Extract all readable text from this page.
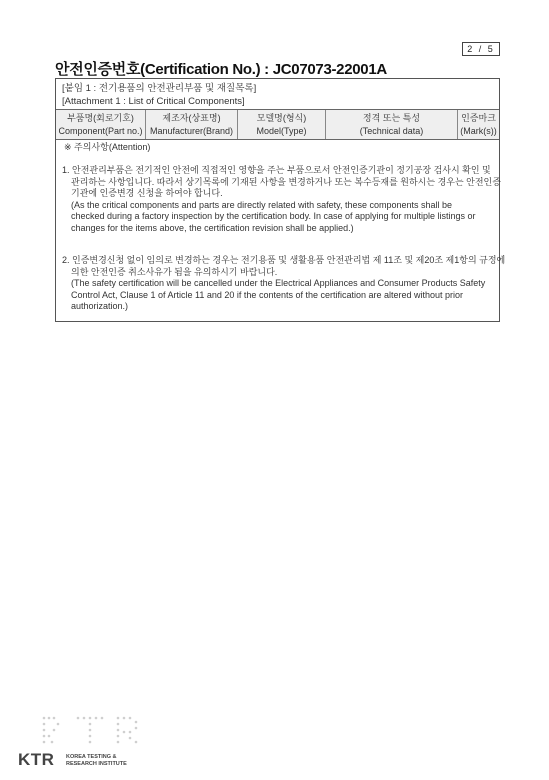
2 / 5
안전인증번호(Certification No.) : JC07073-22001A
[붙임 1 : 전기용품의 안전관리부품 및 재질목록]
[Attachment 1 : List of Critical Components]
부품명(회로기호)
Component(Part no.)
제조자(상표명)
Manufacturer(Brand)
모델명(형식)
Model(Type)
정격 또는 특성
(Technical data)
인증마크
(Mark(s))
※ 주의사항(Attention)
1. 안전관리부품은 전기적인 안전에 직접적인 영향을 주는 부품으로서 안전인증기관이 정기공장 검사시 확인 및
관리하는 사항입니다. 따라서 상기목록에 기재된 사항을 변경하거나 또는 복수등재를 원하시는 경우는 안전인증
기관에 인증변경 신청을 하여야 합니다.
(As the critical components and parts are directly related with safety, these components shall be
checked during a factory inspection by the certification body. In case of applying for multiple listings or
changes for the items above, the certification revision shall be applied.)
2. 인증변경신청 없이 임의로 변경하는 경우는 전기용품 및 생활용품 안전관리법 제 11조 및 제20조 제1항의 규정에
의한 안전인증 취소사유가 됨을 유의하시기 바랍니다.
(The safety certification will be cancelled under the Electrical Appliances and Consumer Products Safety
Control Act, Clause 1 of Article 11 and 20 if the contents of the certification are altered without prior
authorization.)
KTR KOREA TESTING &
RESEARCH INSTITUTE
